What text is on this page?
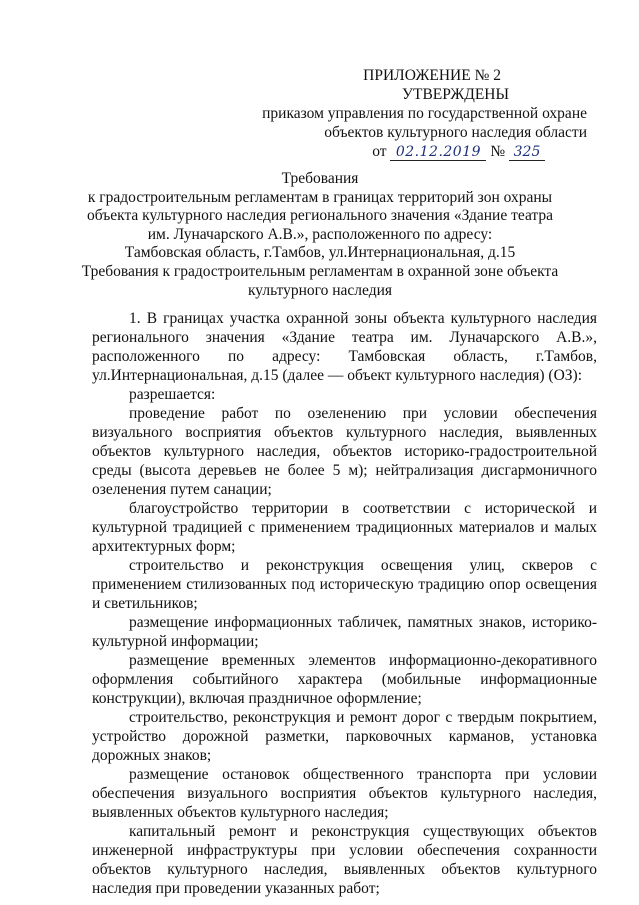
ПРИЛОЖЕНИЕ № 2
УТВЕРЖДЕНЫ
приказом управления по государственной охране
объектов культурного наследия области
от 02.12.2019 № 325
Требования
к градостроительным регламентам в границах территорий зон охраны
объекта культурного наследия регионального значения «Здание театра
им. Луначарского А.В.», расположенного по адресу:
Тамбовская область, г.Тамбов, ул.Интернациональная, д.15
Требования к градостроительным регламентам в охранной зоне объекта
культурного наследия

1. В границах участка охранной зоны объекта культурного наследия регионального значения «Здание театра им. Луначарского А.В.», расположенного по адресу: Тамбовская область, г.Тамбов, ул.Интернациональная, д.15 (далее — объект культурного наследия) (ОЗ):

разрешается:

проведение работ по озеленению при условии обеспечения визуального восприятия объектов культурного наследия, выявленных объектов культурного наследия, объектов историко-градостроительной среды (высота деревьев не более 5 м); нейтрализация дисгармоничного озеленения путем санации;

благоустройство территории в соответствии с исторической и культурной традицией с применением традиционных материалов и малых архитектурных форм;

строительство и реконструкция освещения улиц, скверов с применением стилизованных под историческую традицию опор освещения и светильников;

размещение информационных табличек, памятных знаков, историко-культурной информации;

размещение временных элементов информационно-декоративного оформления событийного характера (мобильные информационные конструкции), включая праздничное оформление;

строительство, реконструкция и ремонт дорог с твердым покрытием, устройство дорожной разметки, парковочных карманов, установка дорожных знаков;

размещение остановок общественного транспорта при условии обеспечения визуального восприятия объектов культурного наследия, выявленных объектов культурного наследия;

капитальный ремонт и реконструкция существующих объектов инженерной инфраструктуры при условии обеспечения сохранности объектов культурного наследия, выявленных объектов культурного наследия при проведении указанных работ;
